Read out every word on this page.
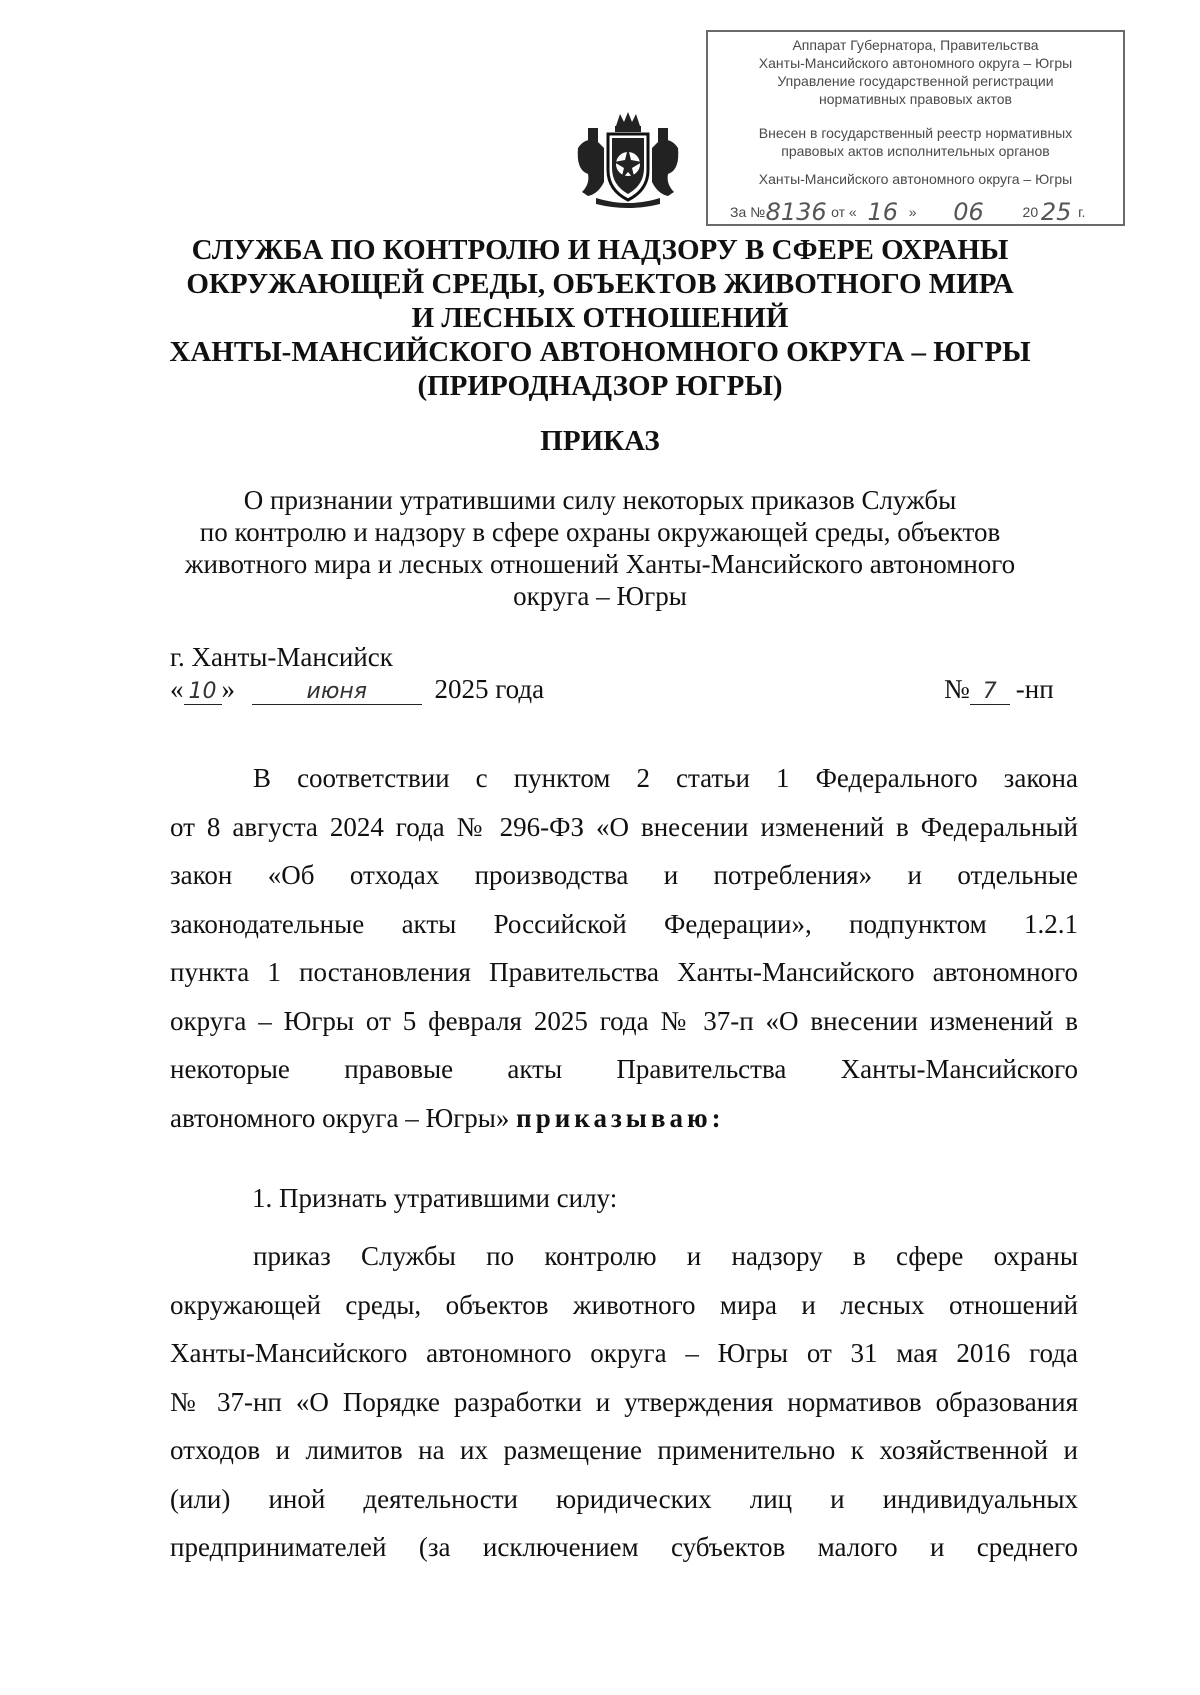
Аппарат Губернатора, Правительства
Ханты-Мансийского автономного округа – Югры
Управление государственной регистрации
нормативных правовых актов
Внесен в государственный реестр нормативных
правовых актов исполнительных органов
Ханты-Мансийского автономного округа – Югры
За № 8136 от « 16 »	06	20 25 г.
СЛУЖБА ПО КОНТРОЛЮ И НАДЗОРУ В СФЕРЕ ОХРАНЫ
ОКРУЖАЮЩЕЙ СРЕДЫ, ОБЪЕКТОВ ЖИВОТНОГО МИРА
И ЛЕСНЫХ ОТНОШЕНИЙ
ХАНТЫ-МАНСИЙСКОГО АВТОНОМНОГО ОКРУГА – ЮГРЫ
(ПРИРОДНАДЗОР ЮГРЫ)
ПРИКАЗ
О признании утратившими силу некоторых приказов Службы
по контролю и надзору в сфере охраны окружающей среды, объектов
животного мира и лесных отношений Ханты-Мансийского автономного
округа – Югры
г. Ханты-Мансийск
« 10 »	июня	2025 года	№ 7 -нп
В соответствии с пунктом 2 статьи 1 Федерального закона
от 8 августа 2024 года № 296-ФЗ «О внесении изменений в Федеральный
закон «Об отходах производства и потребления» и отдельные
законодательные акты Российской Федерации», подпунктом 1.2.1
пункта 1 постановления Правительства Ханты-Мансийского автономного
округа – Югры от 5 февраля 2025 года № 37-п «О внесении изменений в
некоторые правовые акты Правительства Ханты-Мансийского
автономного округа – Югры» приказываю:
1. Признать утратившими силу:
приказ Службы по контролю и надзору в сфере охраны
окружающей среды, объектов животного мира и лесных отношений
Ханты-Мансийского автономного округа – Югры от 31 мая 2016 года
№ 37-нп «О Порядке разработки и утверждения нормативов образования
отходов и лимитов на их размещение применительно к хозяйственной и
(или) иной деятельности юридических лиц и индивидуальных
предпринимателей (за исключением субъектов малого и среднего
